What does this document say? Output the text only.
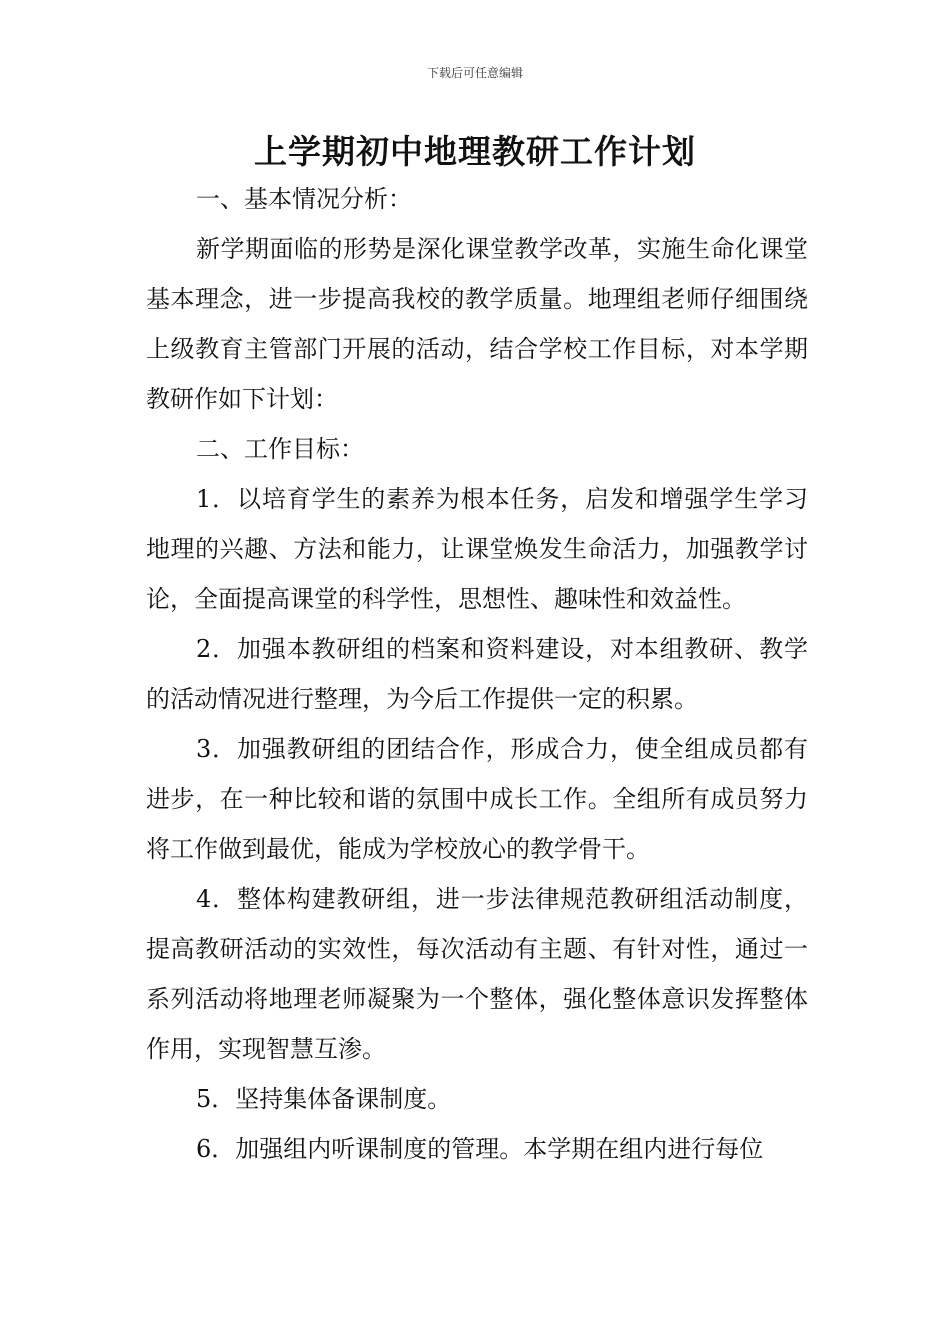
下载后可任意编辑
上学期初中地理教研工作计划

一、基本情况分析：

新学期面临的形势是深化课堂教学改革，实施生命化课堂基本理念，进一步提高我校的教学质量。地理组老师仔细围绕上级教育主管部门开展的活动，结合学校工作目标，对本学期教研作如下计划：

二、工作目标：

1．以培育学生的素养为根本任务，启发和增强学生学习地理的兴趣、方法和能力，让课堂焕发生命活力，加强教学讨论，全面提高课堂的科学性，思想性、趣味性和效益性。

2．加强本教研组的档案和资料建设，对本组教研、教学的活动情况进行整理，为今后工作提供一定的积累。

3．加强教研组的团结合作，形成合力，使全组成员都有进步，在一种比较和谐的氛围中成长工作。全组所有成员努力将工作做到最优，能成为学校放心的教学骨干。

4．整体构建教研组，进一步法律规范教研组活动制度，提高教研活动的实效性，每次活动有主题、有针对性，通过一系列活动将地理老师凝聚为一个整体，强化整体意识发挥整体作用，实现智慧互渗。

5．坚持集体备课制度。

6．加强组内听课制度的管理。本学期在组内进行每位
